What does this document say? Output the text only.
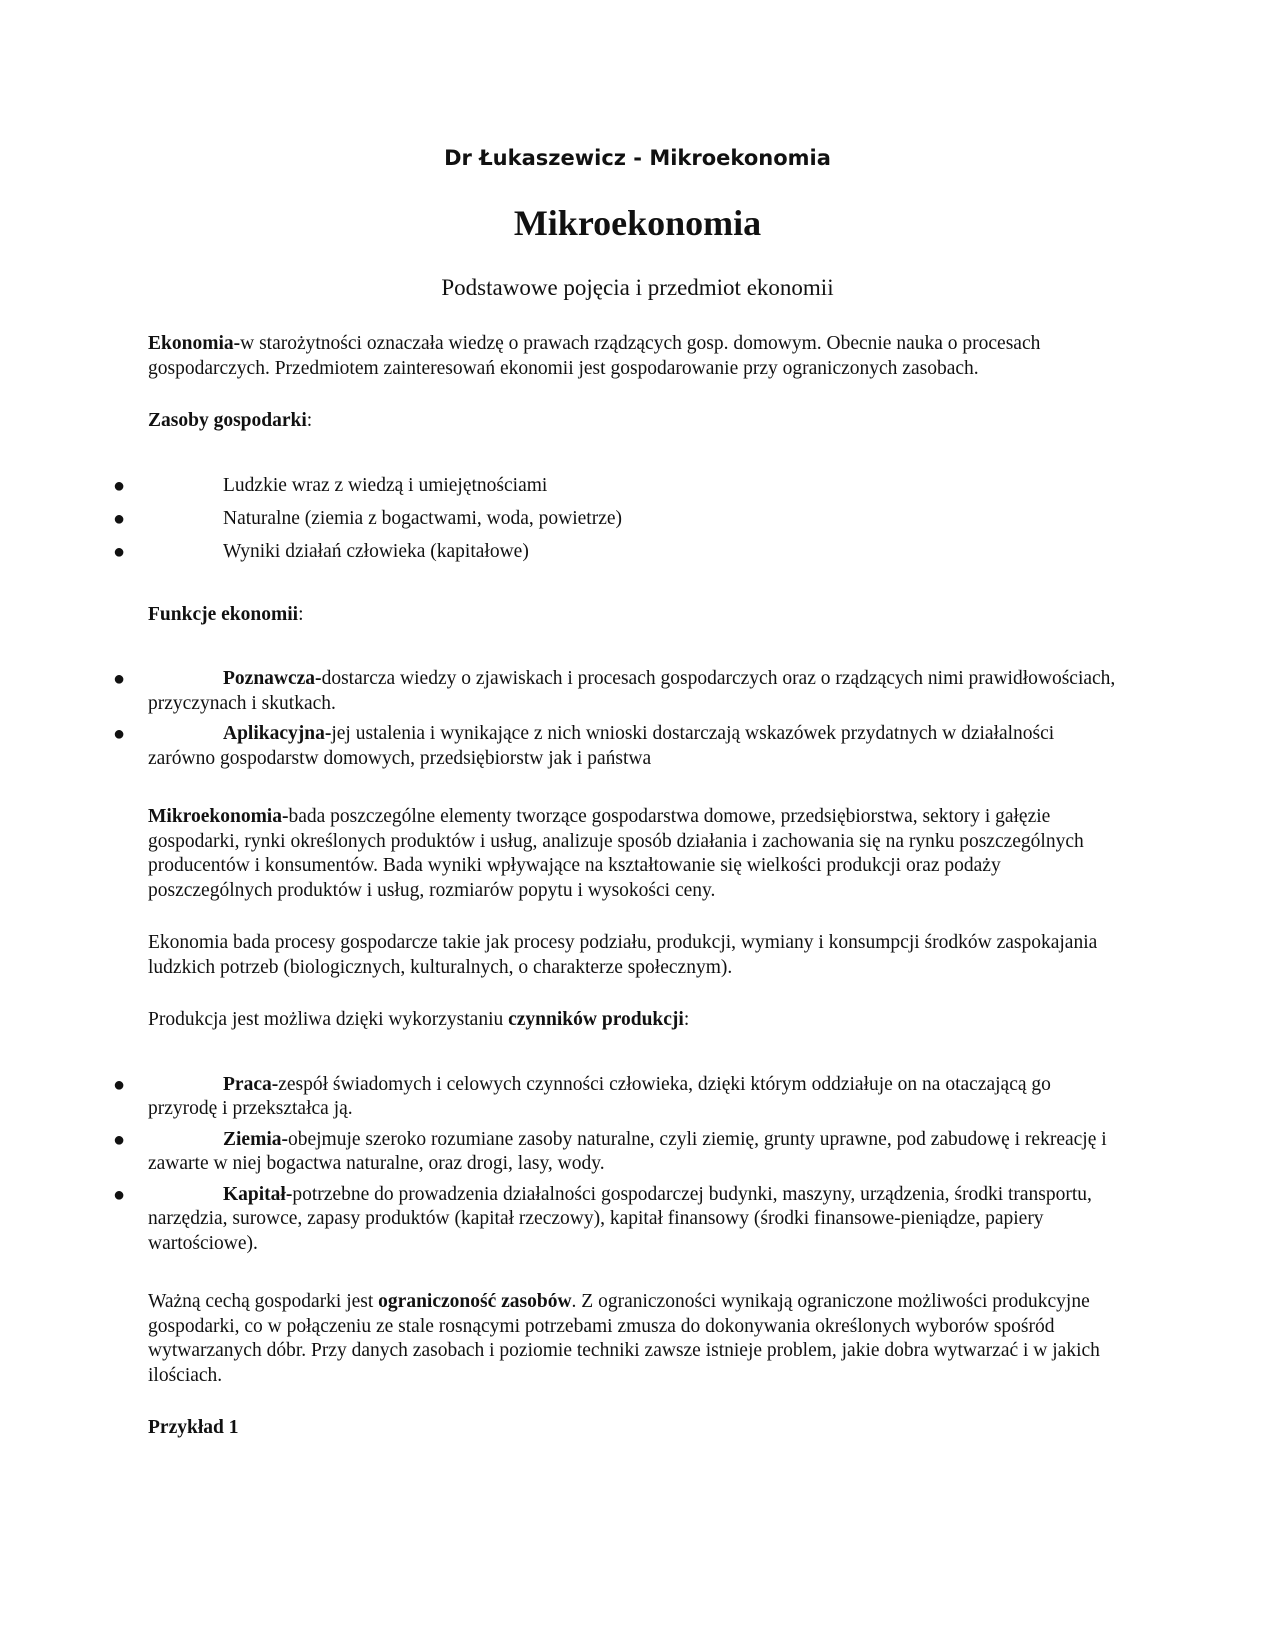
Dr Łukaszewicz - Mikroekonomia
Mikroekonomia
Podstawowe pojęcia i przedmiot ekonomii

Ekonomia-w starożytności oznaczała wiedzę o prawach rządzących gosp. domowym. Obecnie nauka o procesach gospodarczych. Przedmiotem zainteresowań ekonomii jest gospodarowanie przy ograniczonych zasobach.

Zasoby gospodarki:

●	Ludzkie wraz z wiedzą i umiejętnościami
●	Naturalne (ziemia z bogactwami, woda, powietrze)
●	Wyniki działań człowieka (kapitałowe)

Funkcje ekonomii:

●	Poznawcza-dostarcza wiedzy o zjawiskach i procesach gospodarczych oraz o rządzących nimi prawidłowościach, przyczynach i skutkach.
●	Aplikacyjna-jej ustalenia i wynikające z nich wnioski dostarczają wskazówek przydatnych w działalności zarówno gospodarstw domowych, przedsiębiorstw jak i państwa

Mikroekonomia-bada poszczególne elementy tworzące gospodarstwa domowe, przedsiębiorstwa, sektory i gałęzie gospodarki, rynki określonych produktów i usług, analizuje sposób działania i zachowania się na rynku poszczególnych producentów i konsumentów. Bada wyniki wpływające na kształtowanie się wielkości produkcji oraz podaży poszczególnych produktów i usług, rozmiarów popytu i wysokości ceny.

Ekonomia bada procesy gospodarcze takie jak procesy podziału, produkcji, wymiany i konsumpcji środków zaspokajania ludzkich potrzeb (biologicznych, kulturalnych, o charakterze społecznym).

Produkcja jest możliwa dzięki wykorzystaniu czynników produkcji:

●	Praca-zespół świadomych i celowych czynności człowieka, dzięki którym oddziałuje on na otaczającą go przyrodę i przekształca ją.
●	Ziemia-obejmuje szeroko rozumiane zasoby naturalne, czyli ziemię, grunty uprawne, pod zabudowę i rekreację i zawarte w niej bogactwa naturalne, oraz drogi, lasy, wody.
●	Kapitał-potrzebne do prowadzenia działalności gospodarczej budynki, maszyny, urządzenia, środki transportu, narzędzia, surowce, zapasy produktów (kapitał rzeczowy), kapitał finansowy (środki finansowe-pieniądze, papiery wartościowe).

Ważną cechą gospodarki jest ograniczoność zasobów. Z ograniczoności wynikają ograniczone możliwości produkcyjne gospodarki, co w połączeniu ze stale rosnącymi potrzebami zmusza do dokonywania określonych wyborów spośród wytwarzanych dóbr. Przy danych zasobach i poziomie techniki zawsze istnieje problem, jakie dobra wytwarzać i w jakich ilościach.

Przykład 1
